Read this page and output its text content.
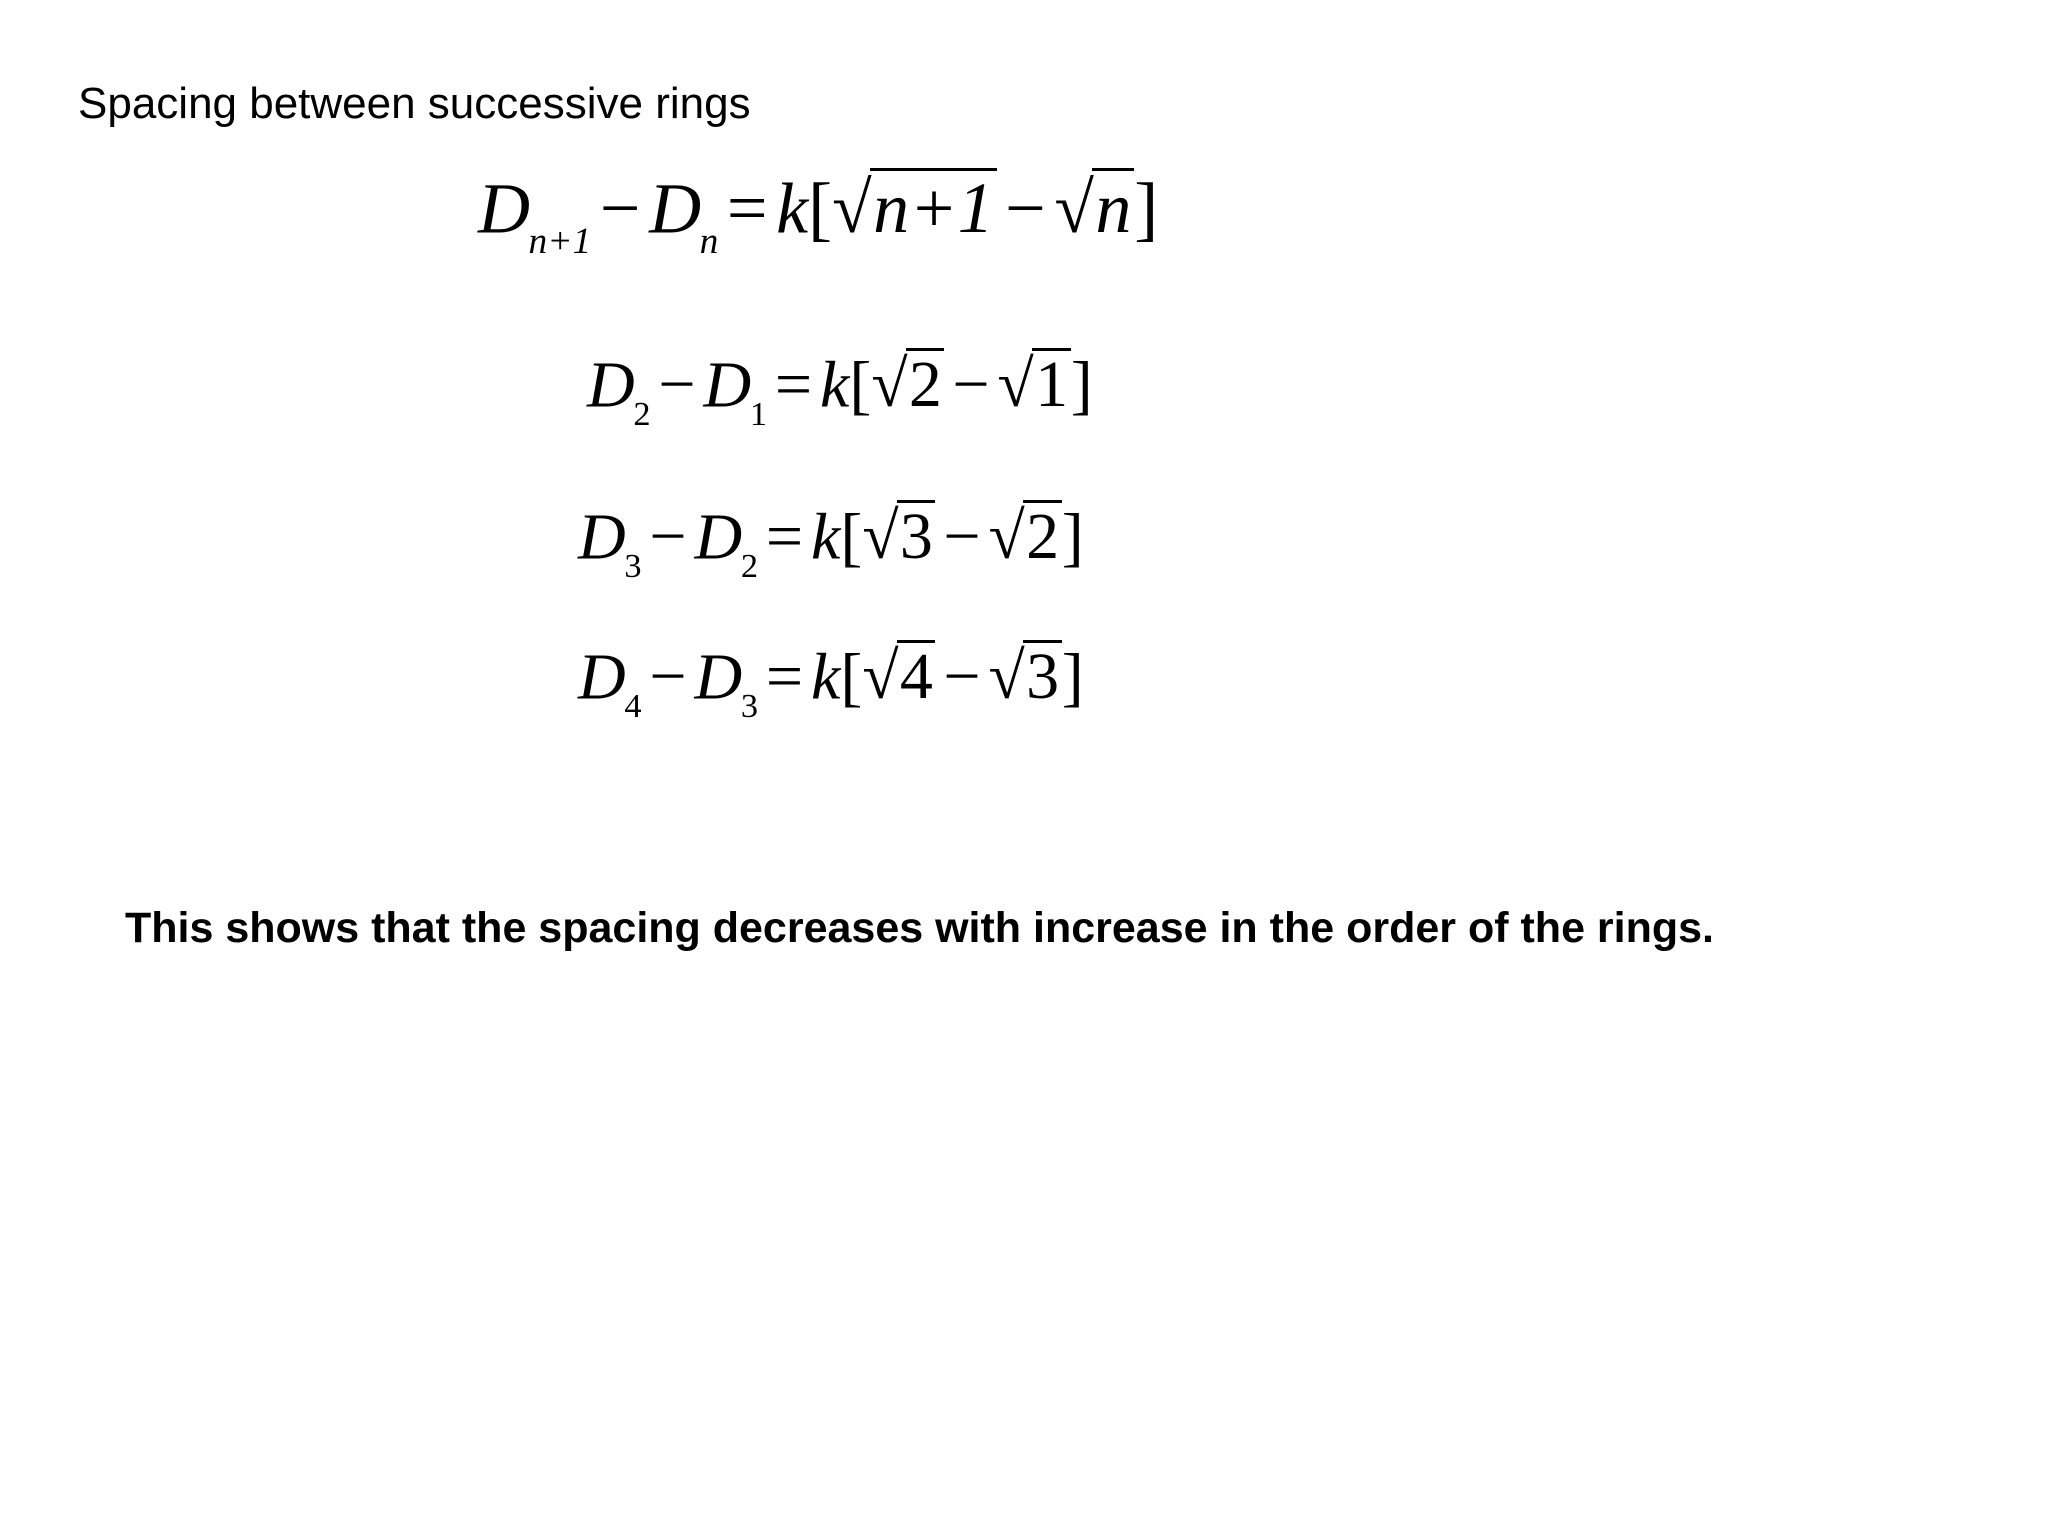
Spacing between successive rings
$D_{n+1} - D_n = k[√n+1 - √n]$
$D_2 - D_1 = k[√2 - √1]$
$D_3 - D_2 = k[√3 - √2]$
$D_4 - D_3 = k[√4 - √3]$
This shows that the spacing decreases with increase in the order of the rings.
